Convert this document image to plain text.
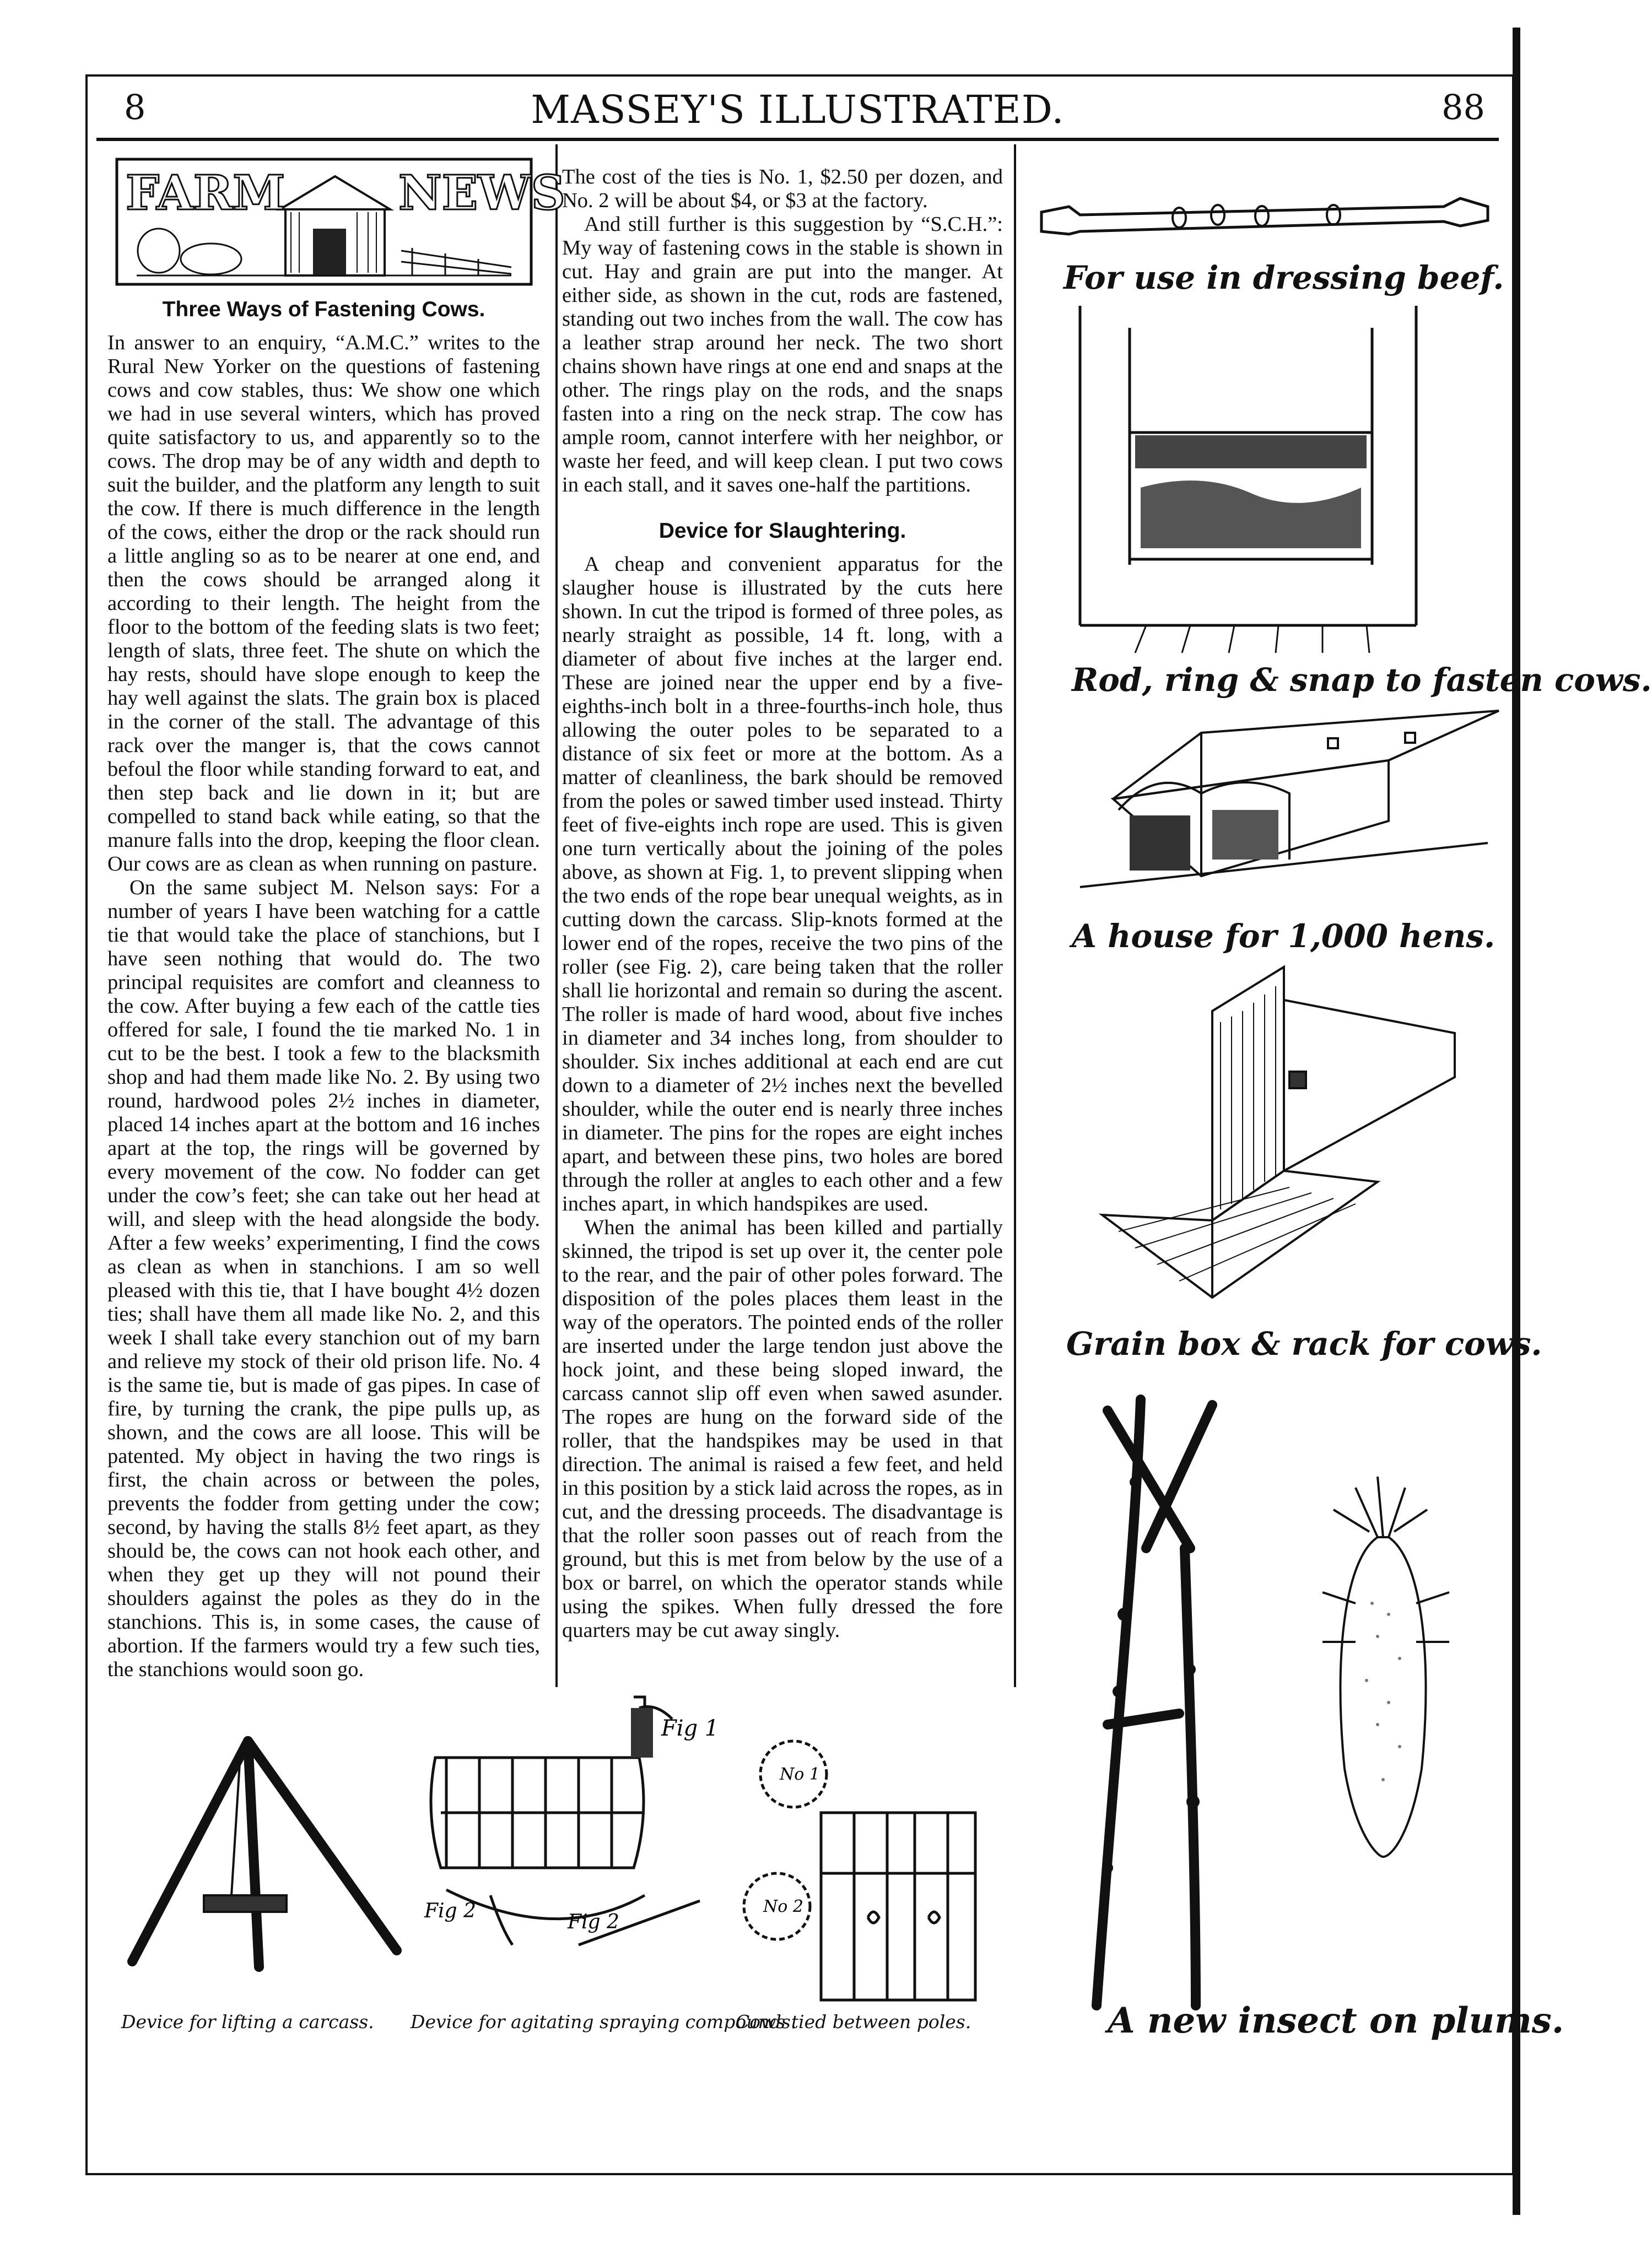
8	MASSEY'S ILLUSTRATED.	88
FARM NEWS
Three Ways of Fastening Cows.

In answer to an enquiry, “A.M.C.” writes to the Rural New Yorker on the questions of fastening cows and cow stables, thus: We show one which we had in use several winters, which has proved quite satisfactory to us, and apparently so to the cows. The drop may be of any width and depth to suit the builder, and the platform any length to suit the cow. If there is much difference in the length of the cows, either the drop or the rack should run a little angling so as to be nearer at one end, and then the cows should be arranged along it according to their length. The height from the floor to the bottom of the feeding slats is two feet; length of slats, three feet. The shute on which the hay rests, should have slope enough to keep the hay well against the slats. The grain box is placed in the corner of the stall. The advantage of this rack over the manger is, that the cows cannot befoul the floor while standing forward to eat, and then step back and lie down in it; but are compelled to stand back while eating, so that the manure falls into the drop, keeping the floor clean. Our cows are as clean as when running on pasture.

On the same subject M. Nelson says: For a number of years I have been watching for a cattle tie that would take the place of stanchions, but I have seen nothing that would do. The two principal requisites are comfort and cleanness to the cow. After buying a few each of the cattle ties offered for sale, I found the tie marked No. 1 in cut to be the best. I took a few to the blacksmith shop and had them made like No. 2. By using two round, hardwood poles 2½ inches in diameter, placed 14 inches apart at the bottom and 16 inches apart at the top, the rings will be governed by every movement of the cow. No fodder can get under the cow’s feet; she can take out her head at will, and sleep with the head alongside the body. After a few weeks’ experimenting, I find the cows as clean as when in stanchions. I am so well pleased with this tie, that I have bought 4½ dozen ties; shall have them all made like No. 2, and this week I shall take every stanchion out of my barn and relieve my stock of their old prison life. No. 4 is the same tie, but is made of gas pipes. In case of fire, by turning the crank, the pipe pulls up, as shown, and the cows are all loose. This will be patented. My object in having the two rings is first, the chain across or between the poles, prevents the fodder from getting under the cow; second, by having the stalls 8½ feet apart, as they should be, the cows can not hook each other, and when they get up they will not pound their shoulders against the poles as they do in the stanchions. This is, in some cases, the cause of abortion. If the farmers would try a few such ties, the stanchions would soon go.

The cost of the ties is No. 1, $2.50 per dozen, and No. 2 will be about $4, or $3 at the factory.

And still further is this suggestion by “S.C.H.”: My way of fastening cows in the stable is shown in cut. Hay and grain are put into the manger. At either side, as shown in the cut, rods are fastened, standing out two inches from the wall. The cow has a leather strap around her neck. The two short chains shown have rings at one end and snaps at the other. The rings play on the rods, and the snaps fasten into a ring on the neck strap. The cow has ample room, cannot interfere with her neighbor, or waste her feed, and will keep clean. I put two cows in each stall, and it saves one-half the partitions.

Device for Slaughtering.

A cheap and convenient apparatus for the slaugher house is illustrated by the cuts here shown. In cut the tripod is formed of three poles, as nearly straight as possible, 14 ft. long, with a diameter of about five inches at the larger end. These are joined near the upper end by a five-eighths-inch bolt in a three-fourths-inch hole, thus allowing the outer poles to be separated to a distance of six feet or more at the bottom. As a matter of cleanliness, the bark should be removed from the poles or sawed timber used instead. Thirty feet of five-eights inch rope are used. This is given one turn vertically about the joining of the poles above, as shown at Fig. 1, to prevent slipping when the two ends of the rope bear unequal weights, as in cutting down the carcass. Slip-knots formed at the lower end of the ropes, receive the two pins of the roller (see Fig. 2), care being taken that the roller shall lie horizontal and remain so during the ascent. The roller is made of hard wood, about five inches in diameter and 34 inches long, from shoulder to shoulder. Six inches additional at each end are cut down to a diameter of 2½ inches next the bevelled shoulder, while the outer end is nearly three inches in diameter. The pins for the ropes are eight inches apart, and between these pins, two holes are bored through the roller at angles to each other and a few inches apart, in which handspikes are used.

When the animal has been killed and partially skinned, the tripod is set up over it, the center pole to the rear, and the pair of other poles forward. The disposition of the poles places them least in the way of the operators. The pointed ends of the roller are inserted under the large tendon just above the hock joint, and these being sloped inward, the carcass cannot slip off even when sawed asunder. The ropes are hung on the forward side of the roller, that the handspikes may be used in that direction. The animal is raised a few feet, and held in this position by a stick laid across the ropes, as in cut, and the dressing proceeds. The disadvantage is that the roller soon passes out of reach from the ground, but this is met from below by the use of a box or barrel, on which the operator stands while using the spikes. When fully dressed the fore quarters may be cut away singly.

For use in dressing beef.
Rod, ring & snap to fasten cows.
A house for 1,000 hens.
Grain box & rack for cows.
A new insect on plums.
Device for lifting a carcass.
Fig 1
Fig 2	Fig 2
Device for agitating spraying compounds.
No 1
No 2
Cows tied between poles.
